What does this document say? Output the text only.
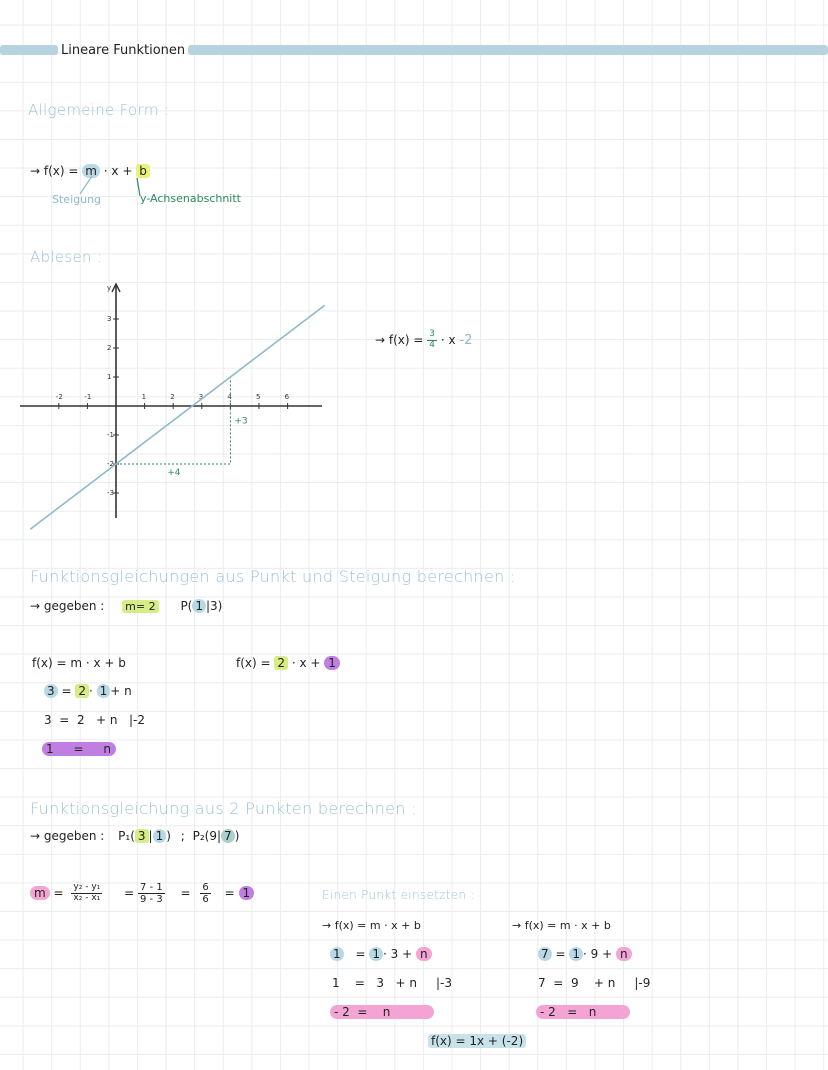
Lineare Funktionen
Allgemeine Form :
→ f(x) = m · x + b
Steigung	y-Achsenabschnitt
Ablesen :
y
-2	-1	1	2	3	4	5	6
3
2
1
-1
-2
-3
+4
+3
→ $f(x) = \frac{3}{4} \cdot x$ -2
Funktionsgleichungen aus Punkt und Steigung berechnen :
→ gegeben : m= 2 P( 1 |3)
f(x) = m · x + b
3 = 2 · 1 + n
3  =  2   + n   |-2
1 = n
f(x) = 2 · x + 1
Funktionsgleichung aus 2 Punkten berechnen :
→ gegeben : P₁( 3 | 1 ) ; P₂(9| 7 )
$m = \frac{\text{y₂ - y₁}}{\text{x₂ - x₁}} = \frac{7 - 1}{9 - 3} = \frac{6}{6} = 1$	Einen Punkt einsetzten :
→ f(x) = m · x + b
1 = 1 · 3 + n
1    =   3   + n     |-3
- 2  =    n
→ f(x) = m · x + b
7 = 1 · 9 + n
7  =  9    + n     |-9
- 2   =   n
f(x) = 1x + (-2)
